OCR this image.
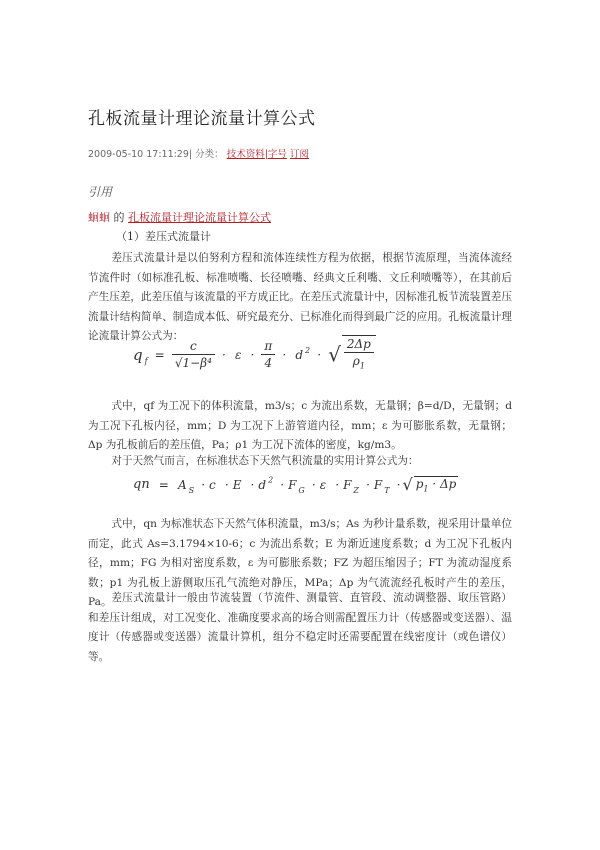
孔板流量计理论流量计算公式
2009-05-10 17:11:29| 分类： 技术资料|字号 订阅
引用
蛔蛔 的 孔板流量计理论流量计算公式
（1）差压式流量计
差压式流量计是以伯努利方程和流体连续性方程为依据，根据节流原理，当流体流经节流件时（如标准孔板、标准喷嘴、长径喷嘴、经典文丘利嘴、文丘利喷嘴等），在其前后产生压差，此差压值与该流量的平方成正比。在差压式流量计中，因标准孔板节流装置差压流量计结构简单、制造成本低、研究最充分、已标准化而得到最广泛的应用。孔板流量计理论流量计算公式为：
q $_f = \frac{c}{\text{√1−β⁴}} \cdot \varepsilon \cdot \frac{\pi}{4} \cdot d$ $^2$ · √ $\frac{2\Delta p}{\rho_1}$
式中，qf 为工况下的体积流量，m3/s；c 为流出系数，无量钢；β=d/D，无量钢；d 为工况下孔板内径，mm；D 为工况下上游管道内径，mm；ε 为可膨胀系数，无量钢；Δp 为孔板前后的差压值，Pa；ρ1 为工况下流体的密度，kg/m3。
对于天然气而言，在标准状态下天然气积流量的实用计算公式为：
qn = A $_S$ · c · E · d $^2$ · F $_G$ · ε · F $_Z$ · F $_T$ · √ $p_1 \cdot \Delta p$
式中，qn 为标准状态下天然气体积流量，m3/s；As 为秒计量系数，视采用计量单位而定，此式 As=3.1794×10-6；c 为流出系数；E 为渐近速度系数；d 为工况下孔板内径，mm；FG 为相对密度系数，ε 为可膨胀系数；FZ 为超压缩因子；FT 为流动湿度系数；p1 为孔板上游侧取压孔气流绝对静压，MPa；Δp 为气流流经孔板时产生的差压，Pa。 差压式流量计一般由节流装置（节流件、测量管、直管段、流动调整器、取压管路）和差压计组成，对工况变化、准确度要求高的场合则需配置压力计（传感器或变送器）、温度计（传感器或变送器）流量计算机，组分不稳定时还需要配置在线密度计（或色谱仪）等。
